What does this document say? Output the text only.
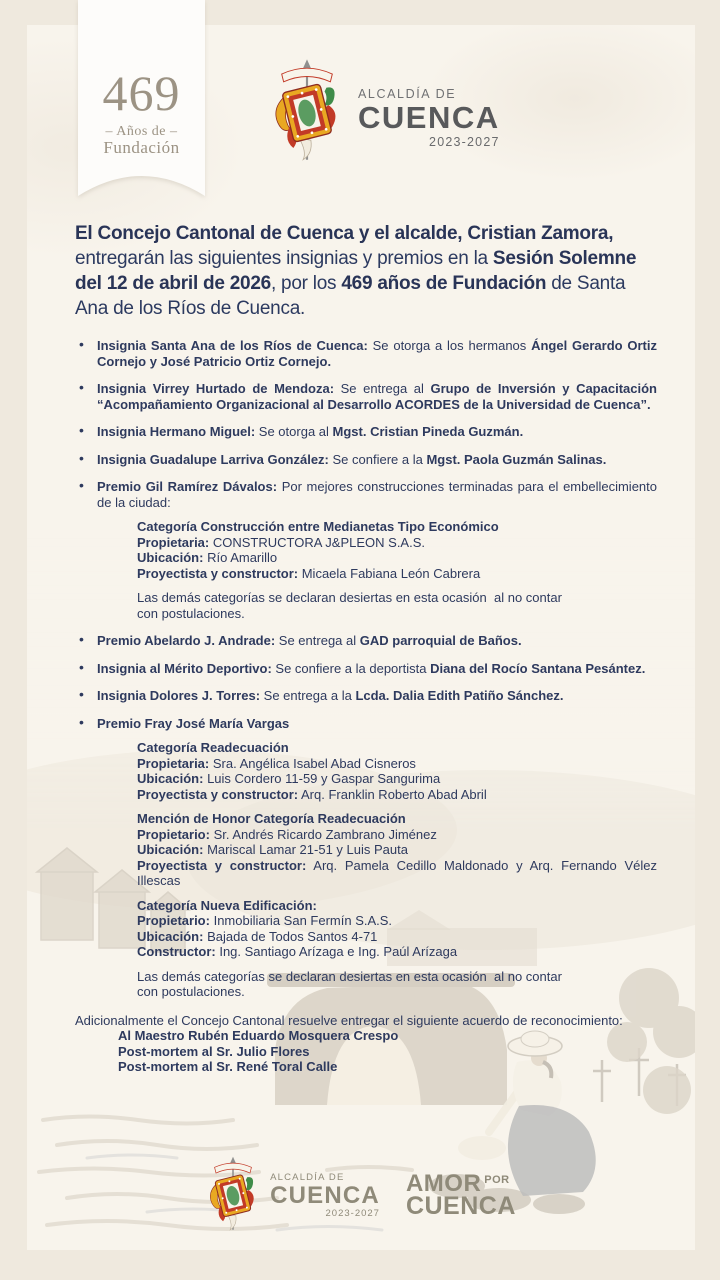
ALCALDÍA DE
CUENCA
2023-2027
El Concejo Cantonal de Cuenca y el alcalde, Cristian Zamora, entregarán las siguientes insignias y premios en la Sesión Solemne del 12 de abril de 2026, por los 469 años de Fundación de Santa Ana de los Ríos de Cuenca.
• Insignia Santa Ana de los Ríos de Cuenca: Se otorga a los hermanos Ángel Gerardo Ortiz Cornejo y José Patricio Ortiz Cornejo.
• Insignia Virrey Hurtado de Mendoza: Se entrega al Grupo de Inversión y Capacitación “Acompañamiento Organizacional al Desarrollo ACORDES de la Universidad de Cuenca”.
• Insignia Hermano Miguel: Se otorga al Mgst. Cristian Pineda Guzmán.
• Insignia Guadalupe Larriva González: Se confiere a la Mgst. Paola Guzmán Salinas.
• Premio Gil Ramírez Dávalos: Por mejores construcciones terminadas para el embellecimiento de la ciudad:
Categoría Construcción entre Medianetas Tipo Económico
Propietaria: CONSTRUCTORA J&PLEON S.A.S.
Ubicación: Río Amarillo
Proyectista y constructor: Micaela Fabiana León Cabrera
Las demás categorías se declaran desiertas en esta ocasión  al no contar con postulaciones.
• Premio Abelardo J. Andrade: Se entrega al GAD parroquial de Baños.
• Insignia al Mérito Deportivo: Se confiere a la deportista Diana del Rocío Santana Pesántez.
• Insignia Dolores J. Torres: Se entrega a la Lcda. Dalia Edith Patiño Sánchez.
• Premio Fray José María Vargas
Categoría Readecuación
Propietaria: Sra. Angélica Isabel Abad Cisneros
Ubicación: Luis Cordero 11-59 y Gaspar Sangurima
Proyectista y constructor: Arq. Franklin Roberto Abad Abril
Mención de Honor Categoría Readecuación
Propietario: Sr. Andrés Ricardo Zambrano Jiménez
Ubicación: Mariscal Lamar 21-51 y Luis Pauta
Proyectista y constructor: Arq. Pamela Cedillo Maldonado y Arq. Fernando Vélez Illescas
Categoría Nueva Edificación:
Propietario: Inmobiliaria San Fermín S.A.S.
Ubicación: Bajada de Todos Santos 4-71
Constructor: Ing. Santiago Arízaga e Ing. Paúl Arízaga
Las demás categorías se declaran desiertas en esta ocasión  al no contar con postulaciones.
Adicionalmente el Concejo Cantonal resuelve entregar el siguiente acuerdo de reconocimiento:
Al Maestro Rubén Eduardo Mosquera Crespo
Post-mortem al Sr. Julio Flores
Post-mortem al Sr. René Toral Calle
ALCALDÍA DE
CUENCA
2023-2027
AMOR POR
CUENCA
469
– Años de –
Fundación
